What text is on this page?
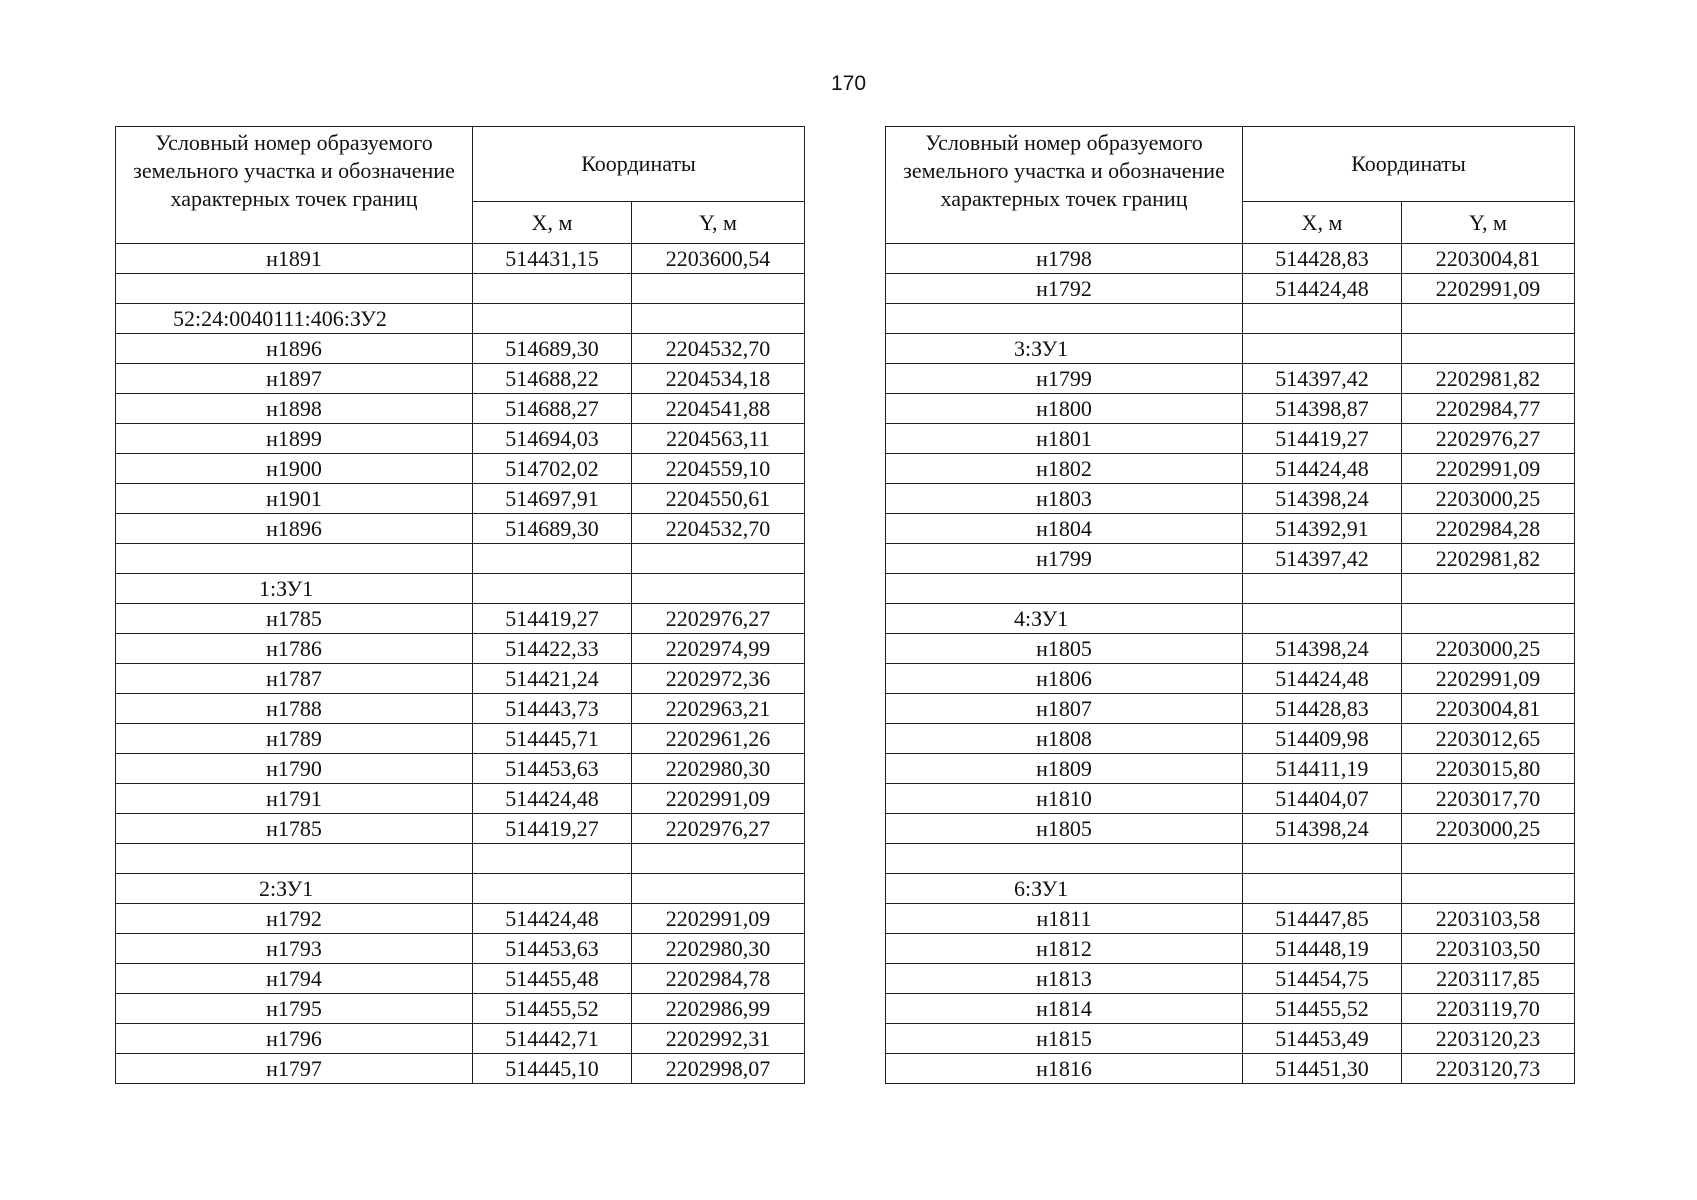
170
Условный номер образуемого земельного участка и обозначение характерных точек границ	Координаты	
	X, м	Y, м
н1891	514431,15	2203600,54

52:24:0040111:406:ЗУ2		
н1896	514689,30	2204532,70
н1897	514688,22	2204534,18
н1898	514688,27	2204541,88
н1899	514694,03	2204563,11
н1900	514702,02	2204559,10
н1901	514697,91	2204550,61
н1896	514689,30	2204532,70

1:ЗУ1		
н1785	514419,27	2202976,27
н1786	514422,33	2202974,99
н1787	514421,24	2202972,36
н1788	514443,73	2202963,21
н1789	514445,71	2202961,26
н1790	514453,63	2202980,30
н1791	514424,48	2202991,09
н1785	514419,27	2202976,27

2:ЗУ1		
н1792	514424,48	2202991,09
н1793	514453,63	2202980,30
н1794	514455,48	2202984,78
н1795	514455,52	2202986,99
н1796	514442,71	2202992,31
н1797	514445,10	2202998,07
Условный номер образуемого земельного участка и обозначение характерных точек границ	Координаты	
	X, м	Y, м
н1798	514428,83	2203004,81
н1792	514424,48	2202991,09

3:ЗУ1		
н1799	514397,42	2202981,82
н1800	514398,87	2202984,77
н1801	514419,27	2202976,27
н1802	514424,48	2202991,09
н1803	514398,24	2203000,25
н1804	514392,91	2202984,28
н1799	514397,42	2202981,82

4:ЗУ1		
н1805	514398,24	2203000,25
н1806	514424,48	2202991,09
н1807	514428,83	2203004,81
н1808	514409,98	2203012,65
н1809	514411,19	2203015,80
н1810	514404,07	2203017,70
н1805	514398,24	2203000,25

6:ЗУ1		
н1811	514447,85	2203103,58
н1812	514448,19	2203103,50
н1813	514454,75	2203117,85
н1814	514455,52	2203119,70
н1815	514453,49	2203120,23
н1816	514451,30	2203120,73
